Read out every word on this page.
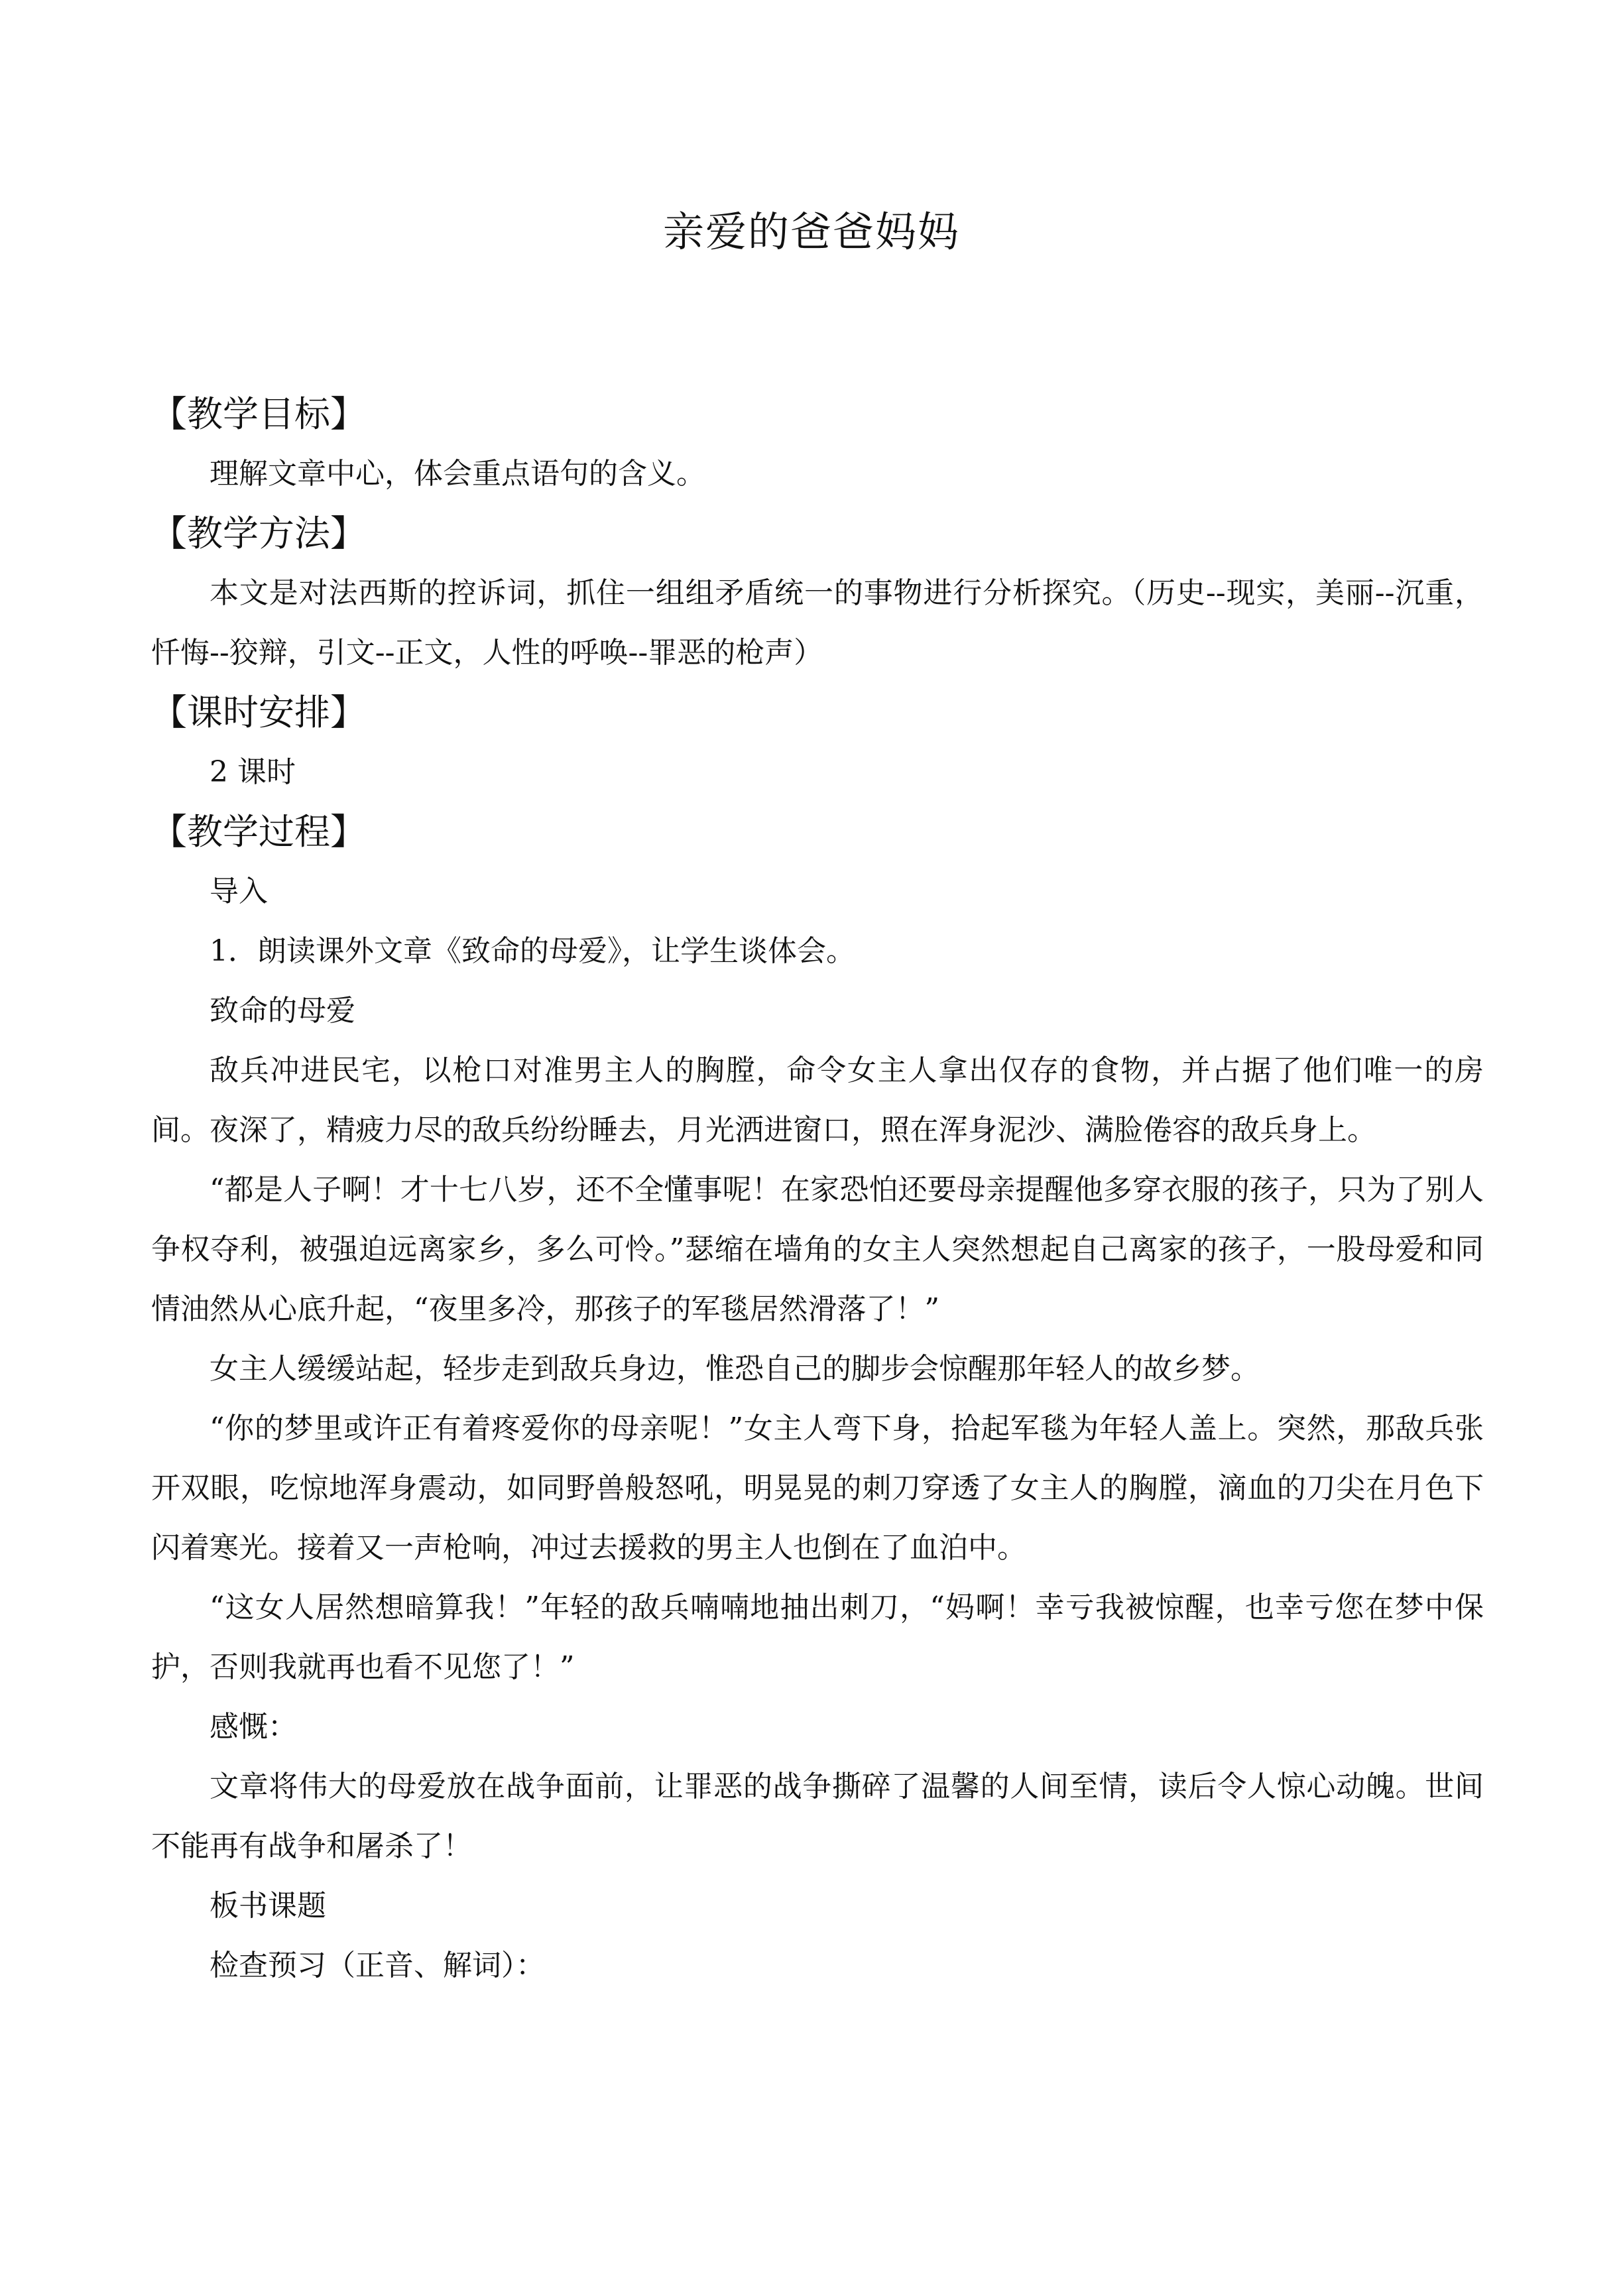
亲爱的爸爸妈妈
【教学目标】

理解文章中心，体会重点语句的含义。

【教学方法】

本文是对法西斯的控诉词，抓住一组组矛盾统一的事物进行分析探究。（历史--现实，美丽--沉重，忏悔--狡辩，引文--正文，人性的呼唤--罪恶的枪声）

【课时安排】

2 课时

【教学过程】

导入

1．朗读课外文章《致命的母爱》，让学生谈体会。

致命的母爱

敌兵冲进民宅，以枪口对准男主人的胸膛，命令女主人拿出仅存的食物，并占据了他们唯一的房间。夜深了，精疲力尽的敌兵纷纷睡去，月光洒进窗口，照在浑身泥沙、满脸倦容的敌兵身上。

“都是人子啊！才十七八岁，还不全懂事呢！在家恐怕还要母亲提醒他多穿衣服的孩子，只为了别人争权夺利，被强迫远离家乡，多么可怜。”瑟缩在墙角的女主人突然想起自己离家的孩子，一股母爱和同情油然从心底升起，“夜里多冷，那孩子的军毯居然滑落了！”

女主人缓缓站起，轻步走到敌兵身边，惟恐自己的脚步会惊醒那年轻人的故乡梦。

“你的梦里或许正有着疼爱你的母亲呢！”女主人弯下身，拾起军毯为年轻人盖上。突然，那敌兵张开双眼，吃惊地浑身震动，如同野兽般怒吼，明晃晃的刺刀穿透了女主人的胸膛，滴血的刀尖在月色下闪着寒光。接着又一声枪响，冲过去援救的男主人也倒在了血泊中。

“这女人居然想暗算我！”年轻的敌兵喃喃地抽出刺刀，“妈啊！幸亏我被惊醒，也幸亏您在梦中保护，否则我就再也看不见您了！”

感慨：

文章将伟大的母爱放在战争面前，让罪恶的战争撕碎了温馨的人间至情，读后令人惊心动魄。世间不能再有战争和屠杀了！

板书课题

检查预习（正音、解词）：
